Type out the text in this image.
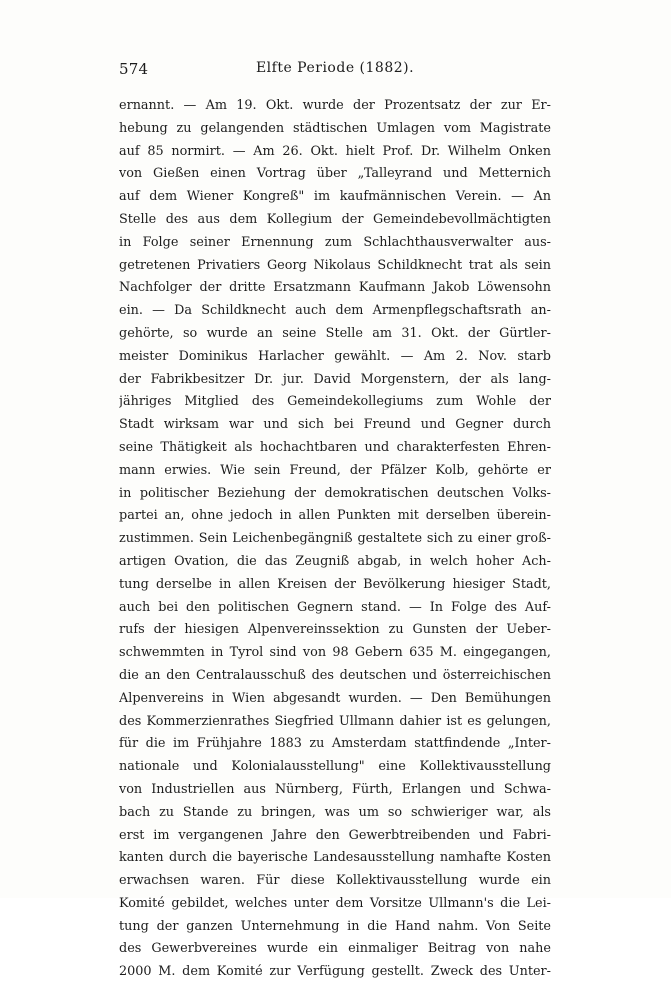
574	Elfte Periode (1882).
ernannt. — Am 19. Okt. wurde der Prozentsatz der zur Er-
hebung zu gelangenden städtischen Umlagen vom Magistrate
auf 85 normirt. — Am 26. Okt. hielt Prof. Dr. Wilhelm Onken
von Gießen einen Vortrag über „Talleyrand und Metternich
auf dem Wiener Kongreß" im kaufmännischen Verein. — An
Stelle des aus dem Kollegium der Gemeindebevollmächtigten
in Folge seiner Ernennung zum Schlachthausverwalter aus-
getretenen Privatiers Georg Nikolaus Schildknecht trat als sein
Nachfolger der dritte Ersatzmann Kaufmann Jakob Löwensohn
ein. — Da Schildknecht auch dem Armenpflegschaftsrath an-
gehörte, so wurde an seine Stelle am 31. Okt. der Gürtler-
meister Dominikus Harlacher gewählt. — Am 2. Nov. starb
der Fabrikbesitzer Dr. jur. David Morgenstern, der als lang-
jähriges Mitglied des Gemeindekollegiums zum Wohle der
Stadt wirksam war und sich bei Freund und Gegner durch
seine Thätigkeit als hochachtbaren und charakterfesten Ehren-
mann erwies. Wie sein Freund, der Pfälzer Kolb, gehörte er
in politischer Beziehung der demokratischen deutschen Volks-
partei an, ohne jedoch in allen Punkten mit derselben überein-
zustimmen. Sein Leichenbegängniß gestaltete sich zu einer groß-
artigen Ovation, die das Zeugniß abgab, in welch hoher Ach-
tung derselbe in allen Kreisen der Bevölkerung hiesiger Stadt,
auch bei den politischen Gegnern stand. — In Folge des Auf-
rufs der hiesigen Alpenvereinssektion zu Gunsten der Ueber-
schwemmten in Tyrol sind von 98 Gebern 635 M. eingegangen,
die an den Centralausschuß des deutschen und österreichischen
Alpenvereins in Wien abgesandt wurden. — Den Bemühungen
des Kommerzienrathes Siegfried Ullmann dahier ist es gelungen,
für die im Frühjahre 1883 zu Amsterdam stattfindende „Inter-
nationale und Kolonialausstellung" eine Kollektivausstellung
von Industriellen aus Nürnberg, Fürth, Erlangen und Schwa-
bach zu Stande zu bringen, was um so schwieriger war, als
erst im vergangenen Jahre den Gewerbtreibenden und Fabri-
kanten durch die bayerische Landesausstellung namhafte Kosten
erwachsen waren. Für diese Kollektivausstellung wurde ein
Komité gebildet, welches unter dem Vorsitze Ullmann's die Lei-
tung der ganzen Unternehmung in die Hand nahm. Von Seite
des Gewerbvereines wurde ein einmaliger Beitrag von nahe
2000 M. dem Komité zur Verfügung gestellt. Zweck des Unter-
